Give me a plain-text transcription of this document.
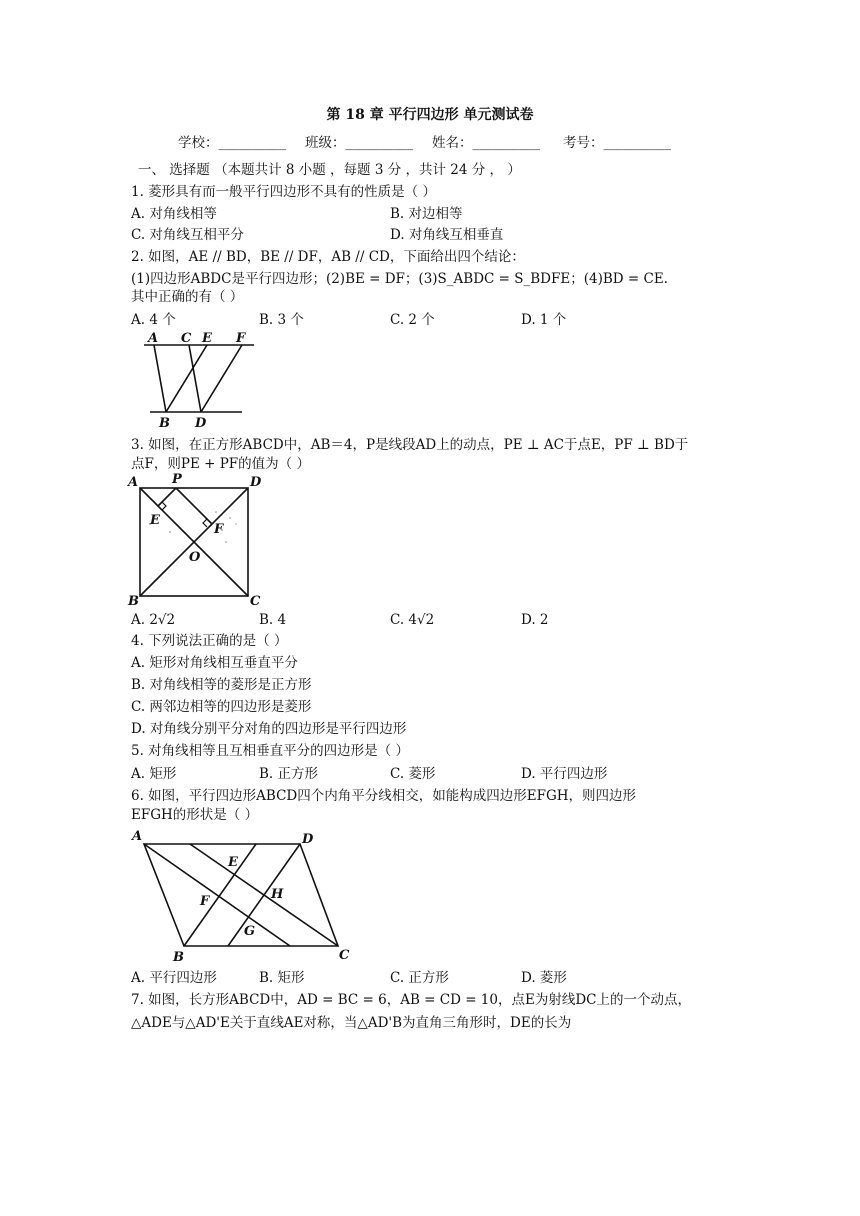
第 18 章 平行四边形 单元测试卷
学校：__________ 班级：__________ 姓名：__________ 考号：__________
一、 选择题 （本题共计 8 小题 ，每题 3 分 ，共计 24 分 ， ）
1. 菱形具有而一般平行四边形不具有的性质是（ ）
A. 对角线相等	B. 对边相等
C. 对角线互相平分	D. 对角线互相垂直
2. 如图，AE // BD，BE // DF，AB // CD，下面给出四个结论：
(1)四边形ABDC是平行四边形；(2)BE = DF；(3)S_ABDC = S_BDFE；(4)BD = CE.
其中正确的有（ ）
A. 4 个	B. 3 个	C. 2 个	D. 1 个
A C E F
B D
3. 如图，在正方形ABCD中，AB＝4，P是线段AD上的动点，PE ⊥ AC于点E，PF ⊥ BD于
点F，则PE + PF的值为（ ）
A	P	D
E
F
O
B	C
A. 2√2	B. 4	C. 4√2	D. 2
4. 下列说法正确的是（ ）
A. 矩形对角线相互垂直平分
B. 对角线相等的菱形是正方形
C. 两邻边相等的四边形是菱形
D. 对角线分别平分对角的四边形是平行四边形
5. 对角线相等且互相垂直平分的四边形是（ ）
A. 矩形	B. 正方形	C. 菱形	D. 平行四边形
6. 如图，平行四边形ABCD四个内角平分线相交，如能构成四边形EFGH，则四边形
EFGH的形状是（ ）
A	D
E
H
F
G
B	C
A. 平行四边形	B. 矩形	C. 正方形	D. 菱形
7. 如图，长方形ABCD中，AD = BC = 6，AB = CD = 10，点E为射线DC上的一个动点，
△ADE与△AD'E关于直线AE对称，当△AD'B为直角三角形时，DE的长为
